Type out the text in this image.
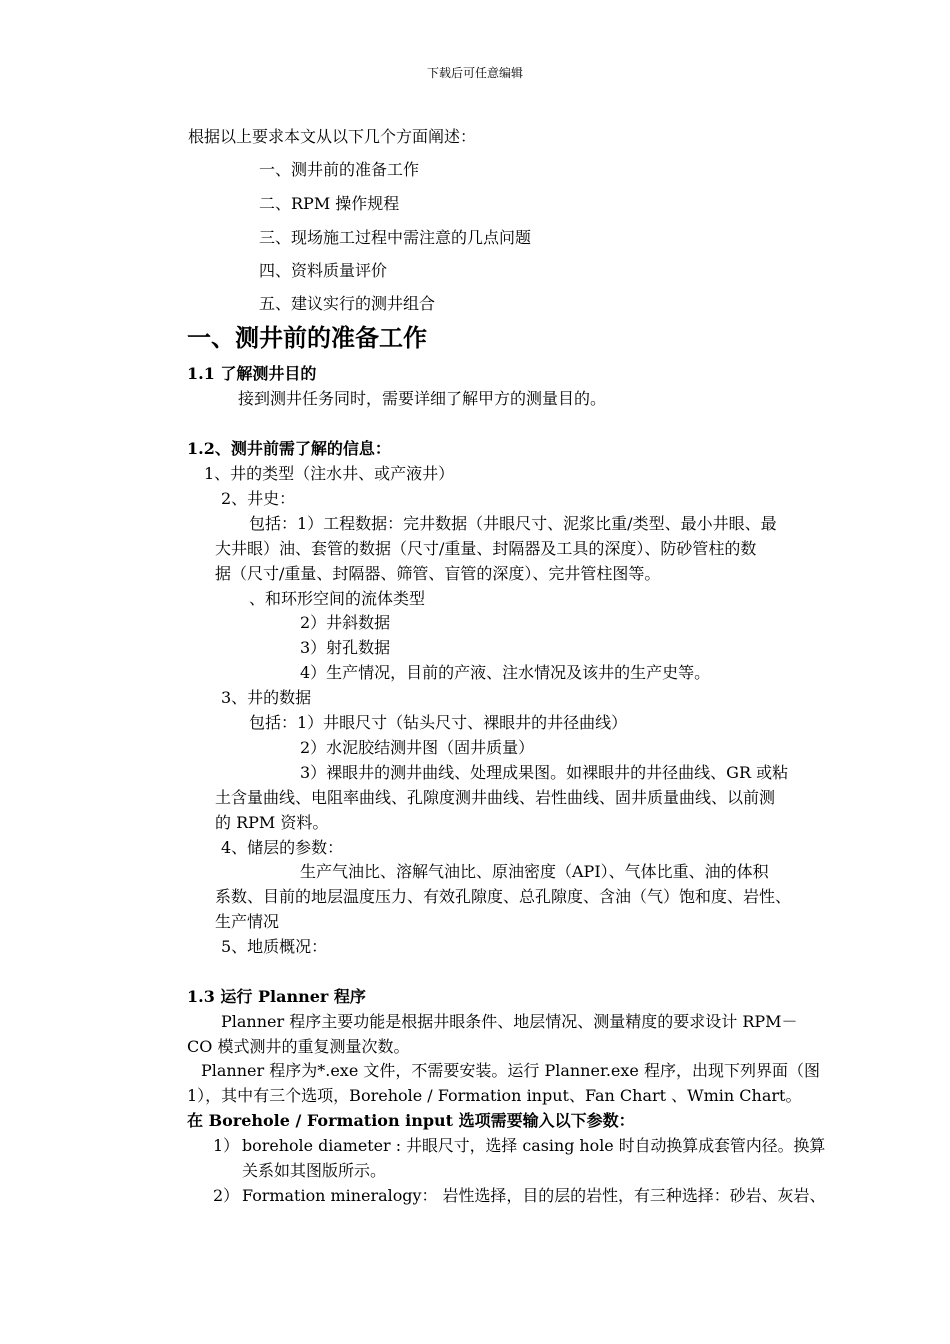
下载后可任意编辑
根据以上要求本文从以下几个方面阐述：
一、测井前的准备工作
二、RPM 操作规程
三、现场施工过程中需注意的几点问题
四、资料质量评价
五、建议实行的测井组合
一、测井前的准备工作
1.1 了解测井目的
接到测井任务同时，需要详细了解甲方的测量目的。
1.2、测井前需了解的信息：
1、井的类型（注水井、或产液井）
2、井史：
包括：1）工程数据：完井数据（井眼尺寸、泥浆比重/类型、最小井眼、最
大井眼）油、套管的数据（尺寸/重量、封隔器及工具的深度）、防砂管柱的数
据（尺寸/重量、封隔器、筛管、盲管的深度）、完井管柱图等。
、和环形空间的流体类型
2）井斜数据
3）射孔数据
4）生产情况，目前的产液、注水情况及该井的生产史等。
3、井的数据
包括：1）井眼尺寸（钻头尺寸、裸眼井的井径曲线）
2）水泥胶结测井图（固井质量）
3）裸眼井的测井曲线、处理成果图。如裸眼井的井径曲线、GR 或粘
土含量曲线、电阻率曲线、孔隙度测井曲线、岩性曲线、固井质量曲线、以前测
的 RPM 资料。
4、储层的参数：
生产气油比、溶解气油比、原油密度（API）、气体比重、油的体积
系数、目前的地层温度压力、有效孔隙度、总孔隙度、含油（气）饱和度、岩性、
生产情况
5、地质概况：
1.3 运行 Planner 程序
Planner 程序主要功能是根据井眼条件、地层情况、测量精度的要求设计 RPM－
CO 模式测井的重复测量次数。
Planner 程序为*.exe 文件，不需要安装。运行 Planner.exe 程序，出现下列界面（图
1），其中有三个选项，Borehole / Formation input、Fan Chart 、Wmin Chart。
在 Borehole / Formation input 选项需要输入以下参数：
1） borehole diameter : 井眼尺寸，选择 casing hole 时自动换算成套管内径。换算
关系如其图版所示。
2） Formation mineralogy： 岩性选择，目的层的岩性，有三种选择：砂岩、灰岩、
